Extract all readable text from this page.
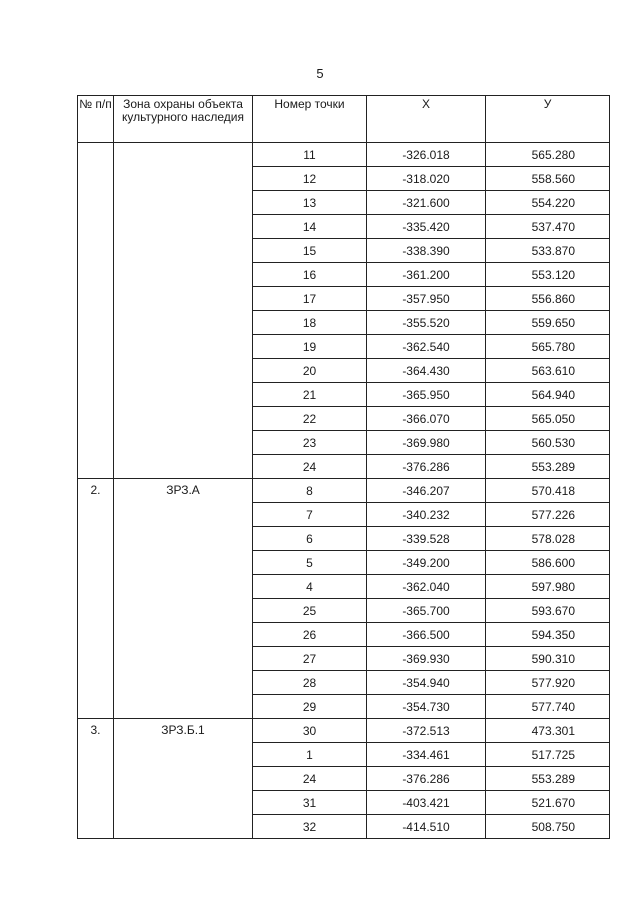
5
№ п/п	Зона охраны объекта культурного наследия	Номер точки	X	У
		11	-326.018	565.280
		12	-318.020	558.560
		13	-321.600	554.220
		14	-335.420	537.470
		15	-338.390	533.870
		16	-361.200	553.120
		17	-357.950	556.860
		18	-355.520	559.650
		19	-362.540	565.780
		20	-364.430	563.610
		21	-365.950	564.940
		22	-366.070	565.050
		23	-369.980	560.530
		24	-376.286	553.289
2.	ЗРЗ.А	8	-346.207	570.418
		7	-340.232	577.226
		6	-339.528	578.028
		5	-349.200	586.600
		4	-362.040	597.980
		25	-365.700	593.670
		26	-366.500	594.350
		27	-369.930	590.310
		28	-354.940	577.920
		29	-354.730	577.740
3.	ЗРЗ.Б.1	30	-372.513	473.301
		1	-334.461	517.725
		24	-376.286	553.289
		31	-403.421	521.670
		32	-414.510	508.750
